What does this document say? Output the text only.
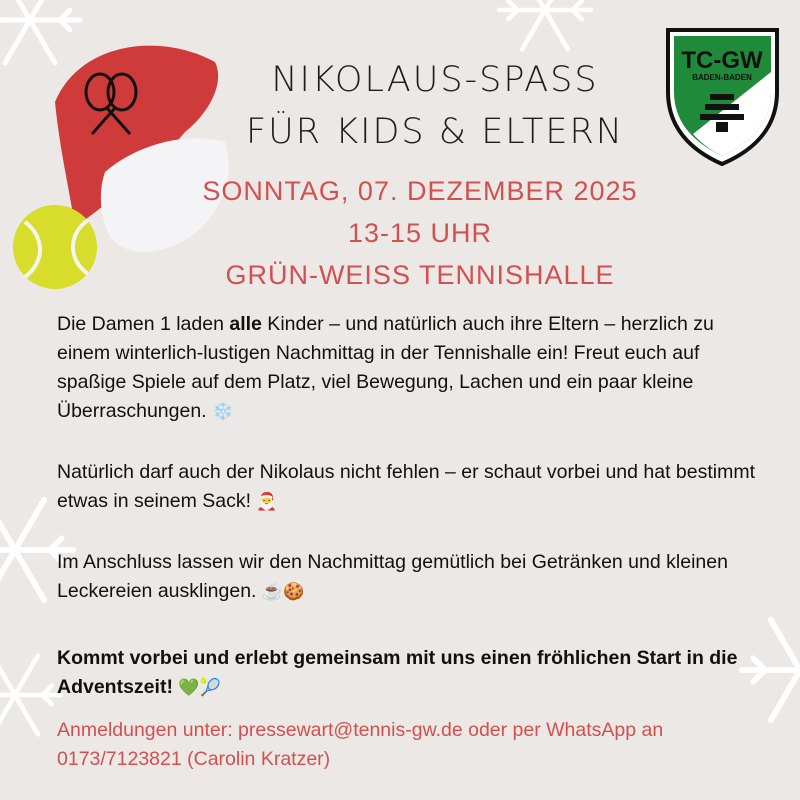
TC-GW
BADEN-BADEN
NIKOLAUS-SPASS
FÜR KIDS & ELTERN
SONNTAG, 07. DEZEMBER 2025
13-15 UHR
GRÜN-WEISS TENNISHALLE
Die Damen 1 laden alle Kinder – und natürlich auch ihre Eltern – herzlich zu einem winterlich-lustigen Nachmittag in der Tennishalle ein! Freut euch auf spaßige Spiele auf dem Platz, viel Bewegung, Lachen und ein paar kleine Überraschungen. ❄️
Natürlich darf auch der Nikolaus nicht fehlen – er schaut vorbei und hat bestimmt etwas in seinem Sack! 🎅
Im Anschluss lassen wir den Nachmittag gemütlich bei Getränken und kleinen Leckereien ausklingen. ☕🍪
Kommt vorbei und erlebt gemeinsam mit uns einen fröhlichen Start in die Adventszeit! 💚🎾
Anmeldungen unter: pressewart@tennis-gw.de oder per WhatsApp an 0173/7123821 (Carolin Kratzer)
